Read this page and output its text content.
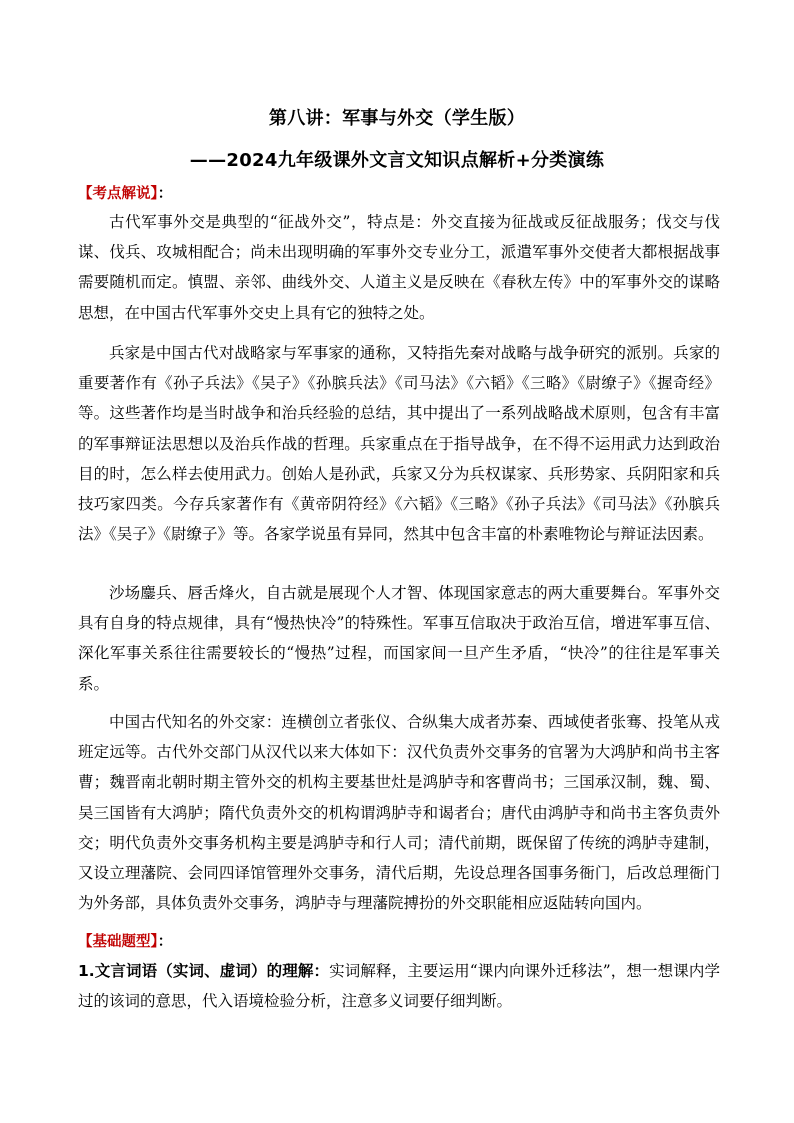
第八讲：军事与外交（学生版）
——2024九年级课外文言文知识点解析+分类演练
【考点解说】：
古代军事外交是典型的“征战外交”，特点是：外交直接为征战或反征战服务；伐交与伐谋、伐兵、攻城相配合；尚未出现明确的军事外交专业分工，派遣军事外交使者大都根据战事需要随机而定。慎盟、亲邻、曲线外交、人道主义是反映在《春秋左传》中的军事外交的谋略思想，在中国古代军事外交史上具有它的独特之处。
兵家是中国古代对战略家与军事家的通称，又特指先秦对战略与战争研究的派别。兵家的重要著作有《孙子兵法》《吴子》《孙膑兵法》《司马法》《六韬》《三略》《尉缭子》《握奇经》等。这些著作均是当时战争和治兵经验的总结，其中提出了一系列战略战术原则，包含有丰富的军事辩证法思想以及治兵作战的哲理。兵家重点在于指导战争，在不得不运用武力达到政治目的时，怎么样去使用武力。创始人是孙武，兵家又分为兵权谋家、兵形势家、兵阴阳家和兵技巧家四类。今存兵家著作有《黄帝阴符经》《六韬》《三略》《孙子兵法》《司马法》《孙膑兵法》《吴子》《尉缭子》等。各家学说虽有异同，然其中包含丰富的朴素唯物论与辩证法因素。
沙场鏖兵、唇舌烽火，自古就是展现个人才智、体现国家意志的两大重要舞台。军事外交具有自身的特点规律，具有“慢热快冷”的特殊性。军事互信取决于政治互信，增进军事互信、深化军事关系往往需要较长的“慢热”过程，而国家间一旦产生矛盾，“快冷”的往往是军事关系。
中国古代知名的外交家：连横创立者张仪、合纵集大成者苏秦、西域使者张骞、投笔从戎班定远等。古代外交部门从汉代以来大体如下：汉代负责外交事务的官署为大鸿胪和尚书主客曹；魏晋南北朝时期主管外交的机构主要基世灶是鸿胪寺和客曹尚书；三国承汉制，魏、蜀、吴三国皆有大鸿胪；隋代负责外交的机构谓鸿胪寺和谒者台；唐代由鸿胪寺和尚书主客负责外交；明代负责外交事务机构主要是鸿胪寺和行人司；清代前期，既保留了传统的鸿胪寺建制，又设立理藩院、会同四译馆管理外交事务，清代后期，先设总理各国事务衙门，后改总理衙门为外务部，具体负责外交事务，鸿胪寺与理藩院搏扮的外交职能相应返陆转向国内。
【基础题型】：
1.文言词语（实词、虚词）的理解：实词解释，主要运用“课内向课外迁移法”，想一想课内学过的该词的意思，代入语境检验分析，注意多义词要仔细判断。
